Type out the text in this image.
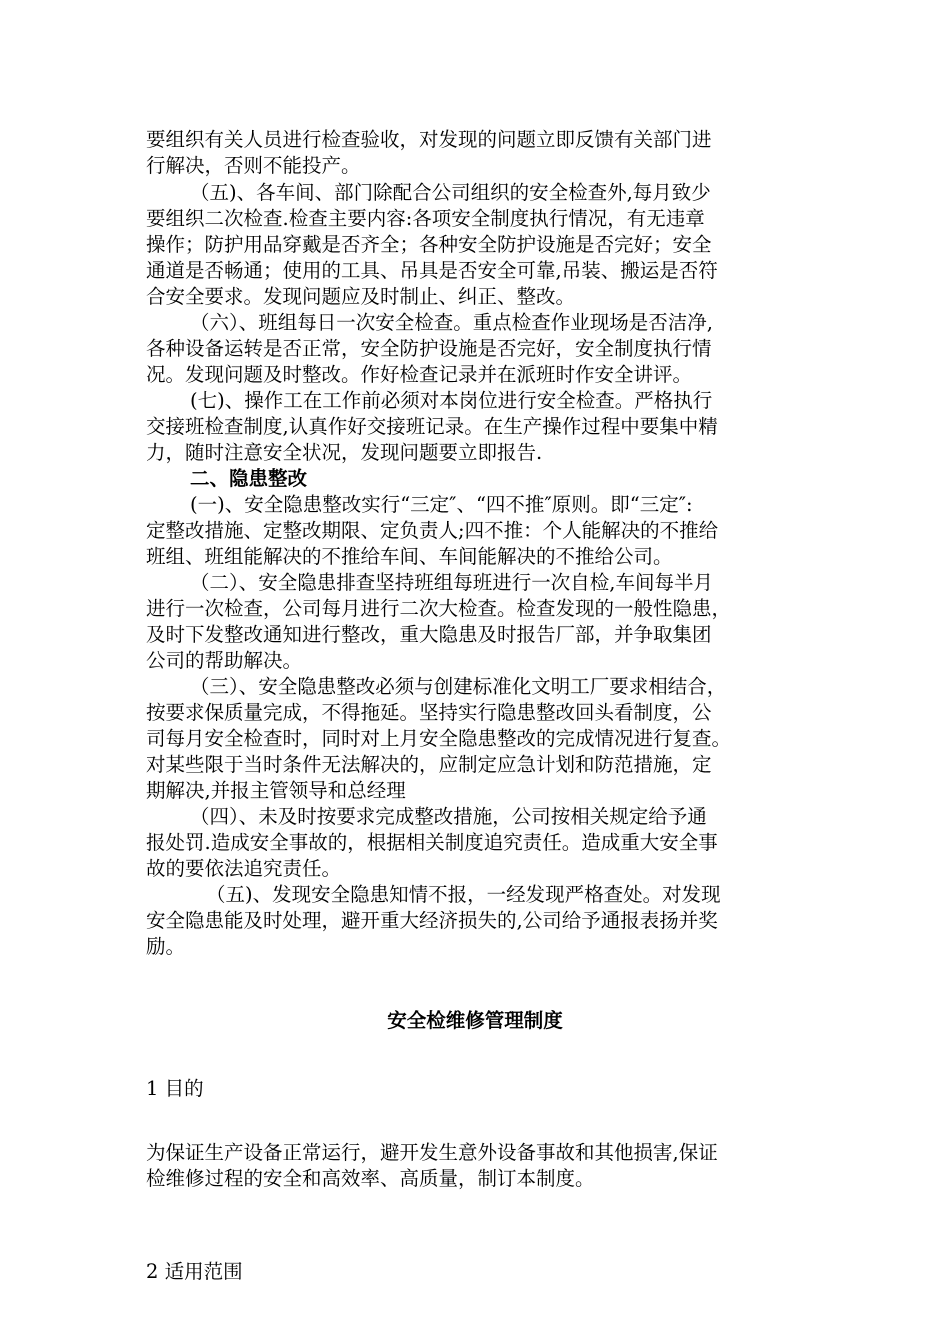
要组织有关人员进行检查验收，对发现的问题立即反馈有关部门进
行解决，否则不能投产。
（五)、各车间、部门除配合公司组织的安全检查外,每月致少
要组织二次检查.检查主要内容:各项安全制度执行情况，有无违章
操作；防护用品穿戴是否齐全；各种安全防护设施是否完好；安全
通道是否畅通；使用的工具、吊具是否安全可靠,吊装、搬运是否符
合安全要求。发现问题应及时制止、纠正、整改。
（六）、班组每日一次安全检查。重点检查作业现场是否洁净,
各种设备运转是否正常，安全防护设施是否完好，安全制度执行情
况。发现问题及时整改。作好检查记录并在派班时作安全讲评。
(七)、操作工在工作前必须对本岗位进行安全检查。严格执行
交接班检查制度,认真作好交接班记录。在生产操作过程中要集中精
力，随时注意安全状况，发现问题要立即报告.
二、隐患整改
(一)、安全隐患整改实行“三定″、“四不推″原则。即“三定″:
定整改措施、定整改期限、定负责人;四不推：个人能解决的不推给
班组、班组能解决的不推给车间、车间能解决的不推给公司。
（二）、安全隐患排查坚持班组每班进行一次自检,车间每半月
进行一次检查，公司每月进行二次大检查。检查发现的一般性隐患，
及时下发整改通知进行整改，重大隐患及时报告厂部，并争取集团
公司的帮助解决。
（三）、安全隐患整改必须与创建标准化文明工厂要求相结合，
按要求保质量完成，不得拖延。坚持实行隐患整改回头看制度，公
司每月安全检查时，同时对上月安全隐患整改的完成情况进行复查。
对某些限于当时条件无法解决的，应制定应急计划和防范措施，定
期解决,并报主管领导和总经理
（四）、未及时按要求完成整改措施，公司按相关规定给予通
报处罚.造成安全事故的，根据相关制度追究责任。造成重大安全事
故的要依法追究责任。
（五)、发现安全隐患知情不报，一经发现严格查处。对发现
安全隐患能及时处理，避开重大经济损失的,公司给予通报表扬并奖
励。
安全检维修管理制度
1 目的
为保证生产设备正常运行，避开发生意外设备事故和其他损害,保证
检维修过程的安全和高效率、高质量，制订本制度。
2 适用范围
